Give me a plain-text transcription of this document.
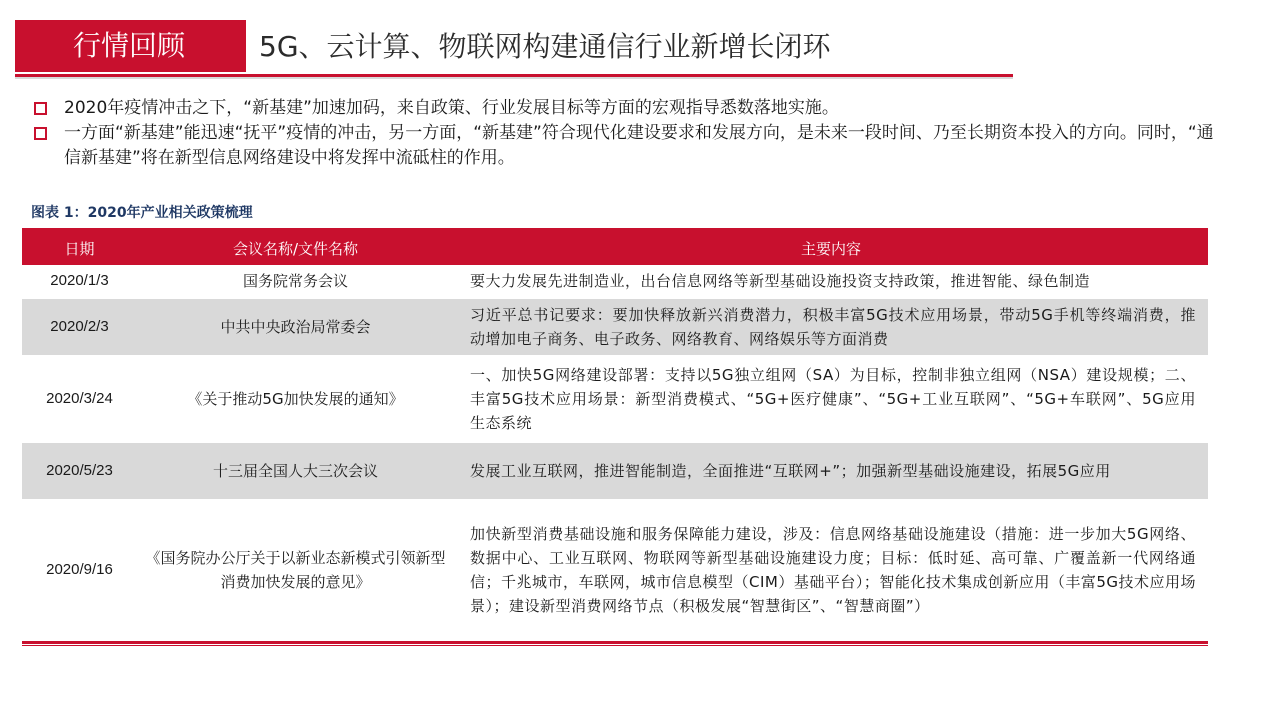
行情回顾	5G、云计算、物联网构建通信行业新增长闭环
2020年疫情冲击之下，“新基建”加速加码，来自政策、行业发展目标等方面的宏观指导悉数落地实施。
一方面“新基建”能迅速“抚平”疫情的冲击，另一方面，“新基建”符合现代化建设要求和发展方向，是未来一段时间、乃至长期资本投入的方向。同时，“通信新基建”将在新型信息网络建设中将发挥中流砥柱的作用。
图表 1：2020年产业相关政策梳理
日期	会议名称/文件名称	主要内容
2020/1/3	国务院常务会议	要大力发展先进制造业，出台信息网络等新型基础设施投资支持政策，推进智能、绿色制造
2020/2/3	中共中央政治局常委会	习近平总书记要求：要加快释放新兴消费潜力，积极丰富5G技术应用场景，带动5G手机等终端消费，推动增加电子商务、电子政务、网络教育、网络娱乐等方面消费
2020/3/24	《关于推动5G加快发展的通知》	一、加快5G网络建设部署：支持以5G独立组网（SA）为目标，控制非独立组网（NSA）建设规模；二、丰富5G技术应用场景：新型消费模式、“5G+医疗健康”、“5G+工业互联网”、“5G+车联网”、5G应用生态系统
2020/5/23	十三届全国人大三次会议	发展工业互联网，推进智能制造，全面推进“互联网+”；加强新型基础设施建设，拓展5G应用
2020/9/16	《国务院办公厅关于以新业态新模式引领新型消费加快发展的意见》	加快新型消费基础设施和服务保障能力建设，涉及：信息网络基础设施建设（措施：进一步加大5G网络、数据中心、工业互联网、物联网等新型基础设施建设力度；目标：低时延、高可靠、广覆盖新一代网络通信；千兆城市，车联网，城市信息模型（CIM）基础平台）；智能化技术集成创新应用（丰富5G技术应用场景）；建设新型消费网络节点（积极发展“智慧街区”、“智慧商圈”）
